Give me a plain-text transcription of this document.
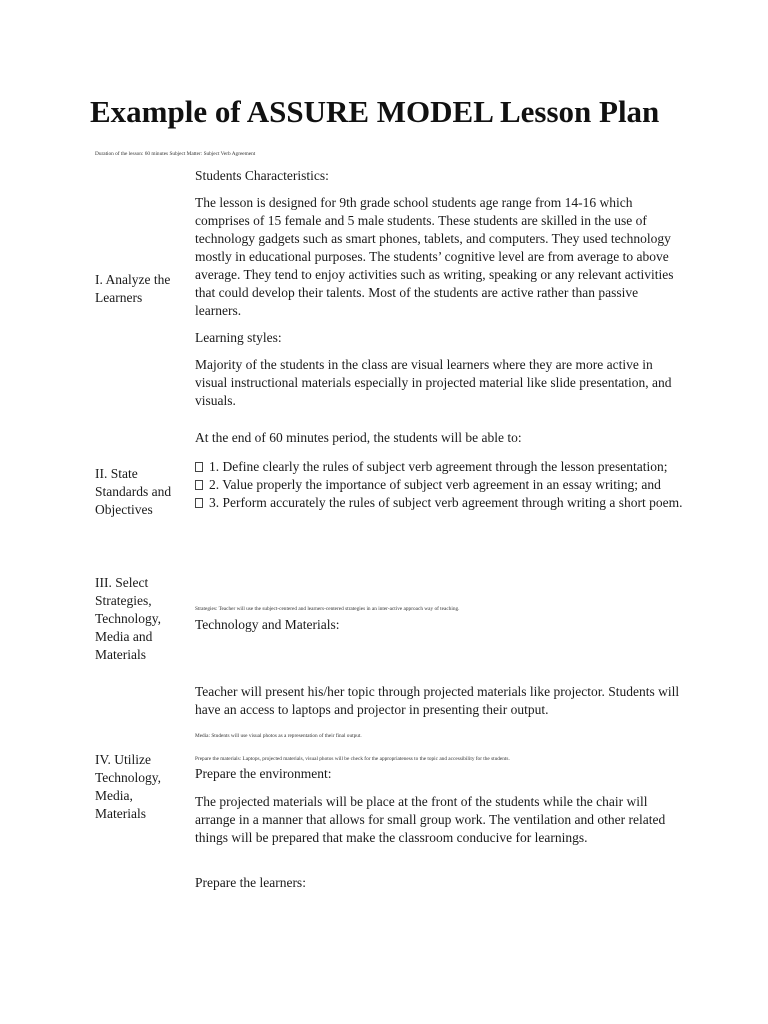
Example of ASSURE MODEL Lesson Plan

Duration of the lesson: 60 minutes Subject Matter: Subject Verb Agreement

I. Analyze the Learners

Students Characteristics:

The lesson is designed for 9th grade school students age range from 14-16 which comprises of 15 female and 5 male students. These students are skilled in the use of technology gadgets such as smart phones, tablets, and computers. They used technology mostly in educational purposes. The students’ cognitive level are from average to above average. They tend to enjoy activities such as writing, speaking or any relevant activities that could develop their talents. Most of the students are active rather than passive learners.

Learning styles:

Majority of the students in the class are visual learners where they are more active in visual instructional materials especially in projected material like slide presentation, and visuals.

II. State Standards and Objectives

At the end of 60 minutes period, the students will be able to:

1. Define clearly the rules of subject verb agreement through the lesson presentation;
2. Value properly the importance of subject verb agreement in an essay writing; and
3. Perform accurately the rules of subject verb agreement through writing a short poem.

III. Select Strategies, Technology, Media and Materials

Strategies: Teacher will use the subject-centered and learners-centered strategies in an inter-active approach way of teaching.

Technology and Materials:

Teacher will present his/her topic through projected materials like projector. Students will have an access to laptops and projector in presenting their output.

Media: Students will use visual photos as a representation of their final output.

IV. Utilize Technology, Media, Materials

Prepare the materials: Laptops, projected materials, visual photos will be check for the appropriateness to the topic and accessibility for the students.

Prepare the environment:

The projected materials will be place at the front of the students while the chair will arrange in a manner that allows for small group work. The ventilation and other related things will be prepared that make the classroom conducive for learnings.

Prepare the learners:
